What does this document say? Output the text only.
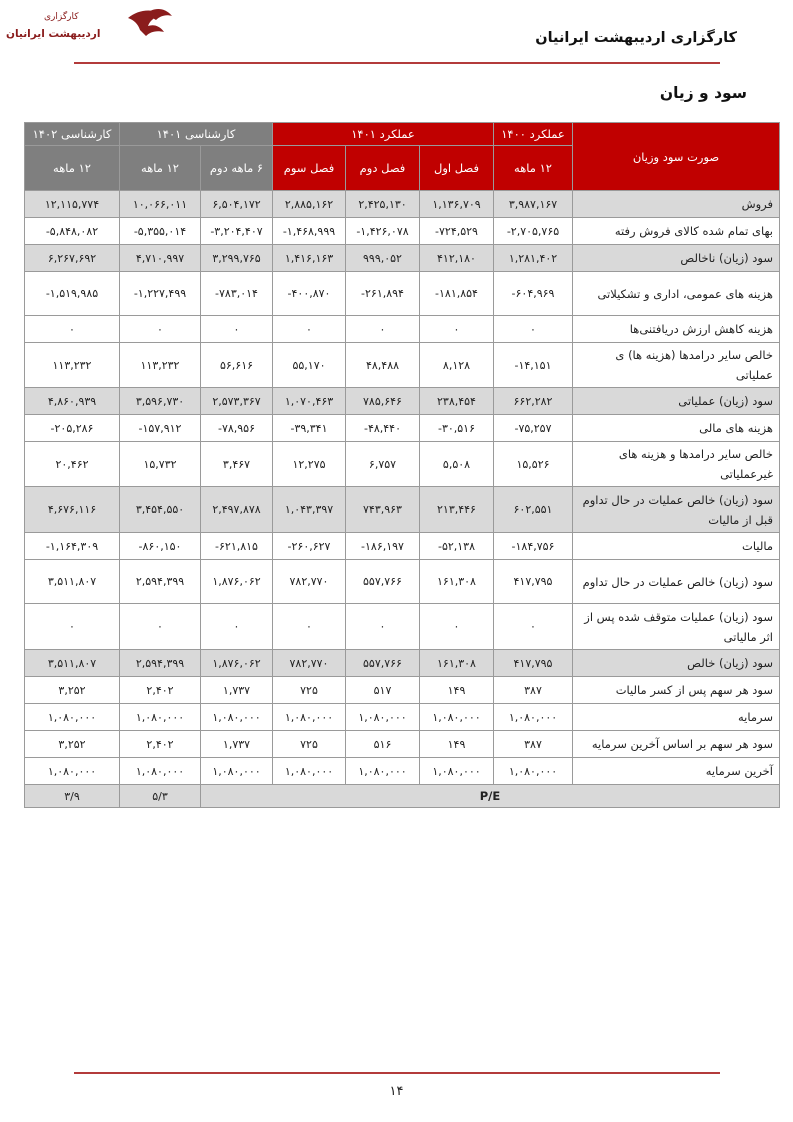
کارگزاری
اردیبهشت ایرانیان	کارگزاری اردیبهشت ایرانیان
سود و زیان
صورت سود وزیان	عملکرد ۱۴۰۰	عملکرد ۱۴۰۱			کارشناسی ۱۴۰۱		کارشناسی ۱۴۰۲
	۱۲ ماهه	فصل اول	فصل دوم	فصل سوم	۶ ماهه دوم	۱۲ ماهه	۱۲ ماهه
فروش	۳,۹۸۷,۱۶۷	۱,۱۳۶,۷۰۹	۲,۴۲۵,۱۳۰	۲,۸۸۵,۱۶۲	۶,۵۰۴,۱۷۲	۱۰,۰۶۶,۰۱۱	۱۲,۱۱۵,۷۷۴
بهای تمام شده کالای فروش رفته	-۲,۷۰۵,۷۶۵	-۷۲۴,۵۲۹	-۱,۴۲۶,۰۷۸	-۱,۴۶۸,۹۹۹	-۳,۲۰۴,۴۰۷	-۵,۳۵۵,۰۱۴	-۵,۸۴۸,۰۸۲
سود (زیان) ناخالص	۱,۲۸۱,۴۰۲	۴۱۲,۱۸۰	۹۹۹,۰۵۲	۱,۴۱۶,۱۶۳	۳,۲۹۹,۷۶۵	۴,۷۱۰,۹۹۷	۶,۲۶۷,۶۹۲
هزینه های عمومی، اداری و تشکیلاتی	-۶۰۴,۹۶۹	-۱۸۱,۸۵۴	-۲۶۱,۸۹۴	-۴۰۰,۸۷۰	-۷۸۳,۰۱۴	-۱,۲۲۷,۴۹۹	-۱,۵۱۹,۹۸۵
هزینه کاهش ارزش دریافتنی‌ها	۰	۰	۰	۰	۰	۰	۰
خالص سایر درامدها (هزینه ها) ی عملیاتی	-۱۴,۱۵۱	۸,۱۲۸	۴۸,۴۸۸	۵۵,۱۷۰	۵۶,۶۱۶	۱۱۳,۲۳۲	۱۱۳,۲۳۲
سود (زیان) عملیاتی	۶۶۲,۲۸۲	۲۳۸,۴۵۴	۷۸۵,۶۴۶	۱,۰۷۰,۴۶۳	۲,۵۷۳,۳۶۷	۳,۵۹۶,۷۳۰	۴,۸۶۰,۹۳۹
هزینه های مالی	-۷۵,۲۵۷	-۳۰,۵۱۶	-۴۸,۴۴۰	-۳۹,۳۴۱	-۷۸,۹۵۶	-۱۵۷,۹۱۲	-۲۰۵,۲۸۶
خالص سایر درامدها و هزینه های غیرعملیاتی	۱۵,۵۲۶	۵,۵۰۸	۶,۷۵۷	۱۲,۲۷۵	۳,۴۶۷	۱۵,۷۳۲	۲۰,۴۶۲
سود (زیان) خالص عملیات در حال تداوم قبل از مالیات	۶۰۲,۵۵۱	۲۱۳,۴۴۶	۷۴۳,۹۶۳	۱,۰۴۳,۳۹۷	۲,۴۹۷,۸۷۸	۳,۴۵۴,۵۵۰	۴,۶۷۶,۱۱۶
مالیات	-۱۸۴,۷۵۶	-۵۲,۱۳۸	-۱۸۶,۱۹۷	-۲۶۰,۶۲۷	-۶۲۱,۸۱۵	-۸۶۰,۱۵۰	-۱,۱۶۴,۳۰۹
سود (زیان) خالص عملیات در حال تداوم	۴۱۷,۷۹۵	۱۶۱,۳۰۸	۵۵۷,۷۶۶	۷۸۲,۷۷۰	۱,۸۷۶,۰۶۲	۲,۵۹۴,۳۹۹	۳,۵۱۱,۸۰۷
سود (زیان) عملیات متوقف شده پس از اثر مالیاتی	۰	۰	۰	۰	۰	۰	۰
سود (زیان) خالص	۴۱۷,۷۹۵	۱۶۱,۳۰۸	۵۵۷,۷۶۶	۷۸۲,۷۷۰	۱,۸۷۶,۰۶۲	۲,۵۹۴,۳۹۹	۳,۵۱۱,۸۰۷
سود هر سهم پس از کسر مالیات	۳۸۷	۱۴۹	۵۱۷	۷۲۵	۱,۷۳۷	۲,۴۰۲	۳,۲۵۲
سرمایه	۱,۰۸۰,۰۰۰	۱,۰۸۰,۰۰۰	۱,۰۸۰,۰۰۰	۱,۰۸۰,۰۰۰	۱,۰۸۰,۰۰۰	۱,۰۸۰,۰۰۰	۱,۰۸۰,۰۰۰
سود هر سهم بر اساس آخرین سرمایه	۳۸۷	۱۴۹	۵۱۶	۷۲۵	۱,۷۳۷	۲,۴۰۲	۳,۲۵۲
آخرین سرمایه	۱,۰۸۰,۰۰۰	۱,۰۸۰,۰۰۰	۱,۰۸۰,۰۰۰	۱,۰۸۰,۰۰۰	۱,۰۸۰,۰۰۰	۱,۰۸۰,۰۰۰	۱,۰۸۰,۰۰۰
P/E						۵/۳	۳/۹
۱۴
